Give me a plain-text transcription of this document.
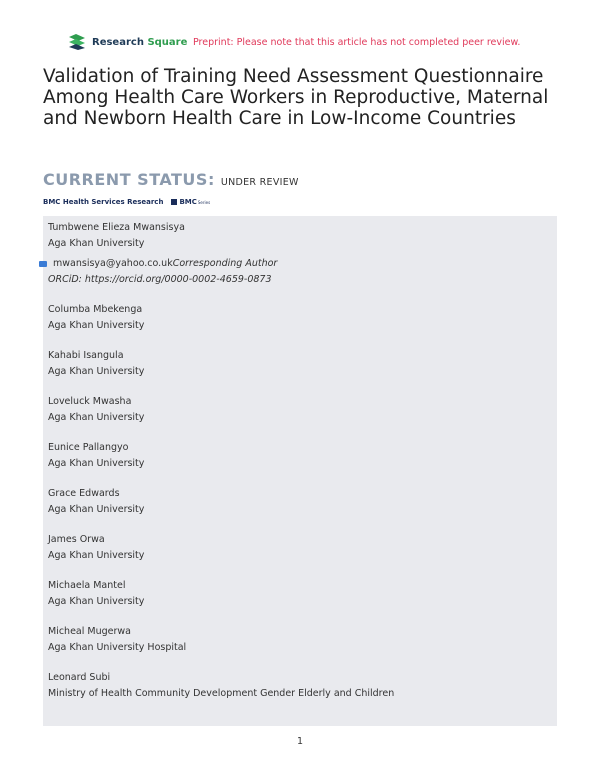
Research Square Preprint: Please note that this article has not completed peer review.
Validation of Training Need Assessment Questionnaire Among Health Care Workers in Reproductive, Maternal and Newborn Health Care in Low-Income Countries
CURRENT STATUS: UNDER REVIEW
BMC Health Services Research BMC Series
Tumbwene Elieza Mwansisya
Aga Khan University
mwansisya@yahoo.co.uk Corresponding Author
ORCiD: https://orcid.org/0000-0002-4659-0873
Columba Mbekenga
Aga Khan University
Kahabi Isangula
Aga Khan University
Loveluck Mwasha
Aga Khan University
Eunice Pallangyo
Aga Khan University
Grace Edwards
Aga Khan University
James Orwa
Aga Khan University
Michaela Mantel
Aga Khan University
Micheal Mugerwa
Aga Khan University Hospital
Leonard Subi
Ministry of Health Community Development Gender Elderly and Children
1
